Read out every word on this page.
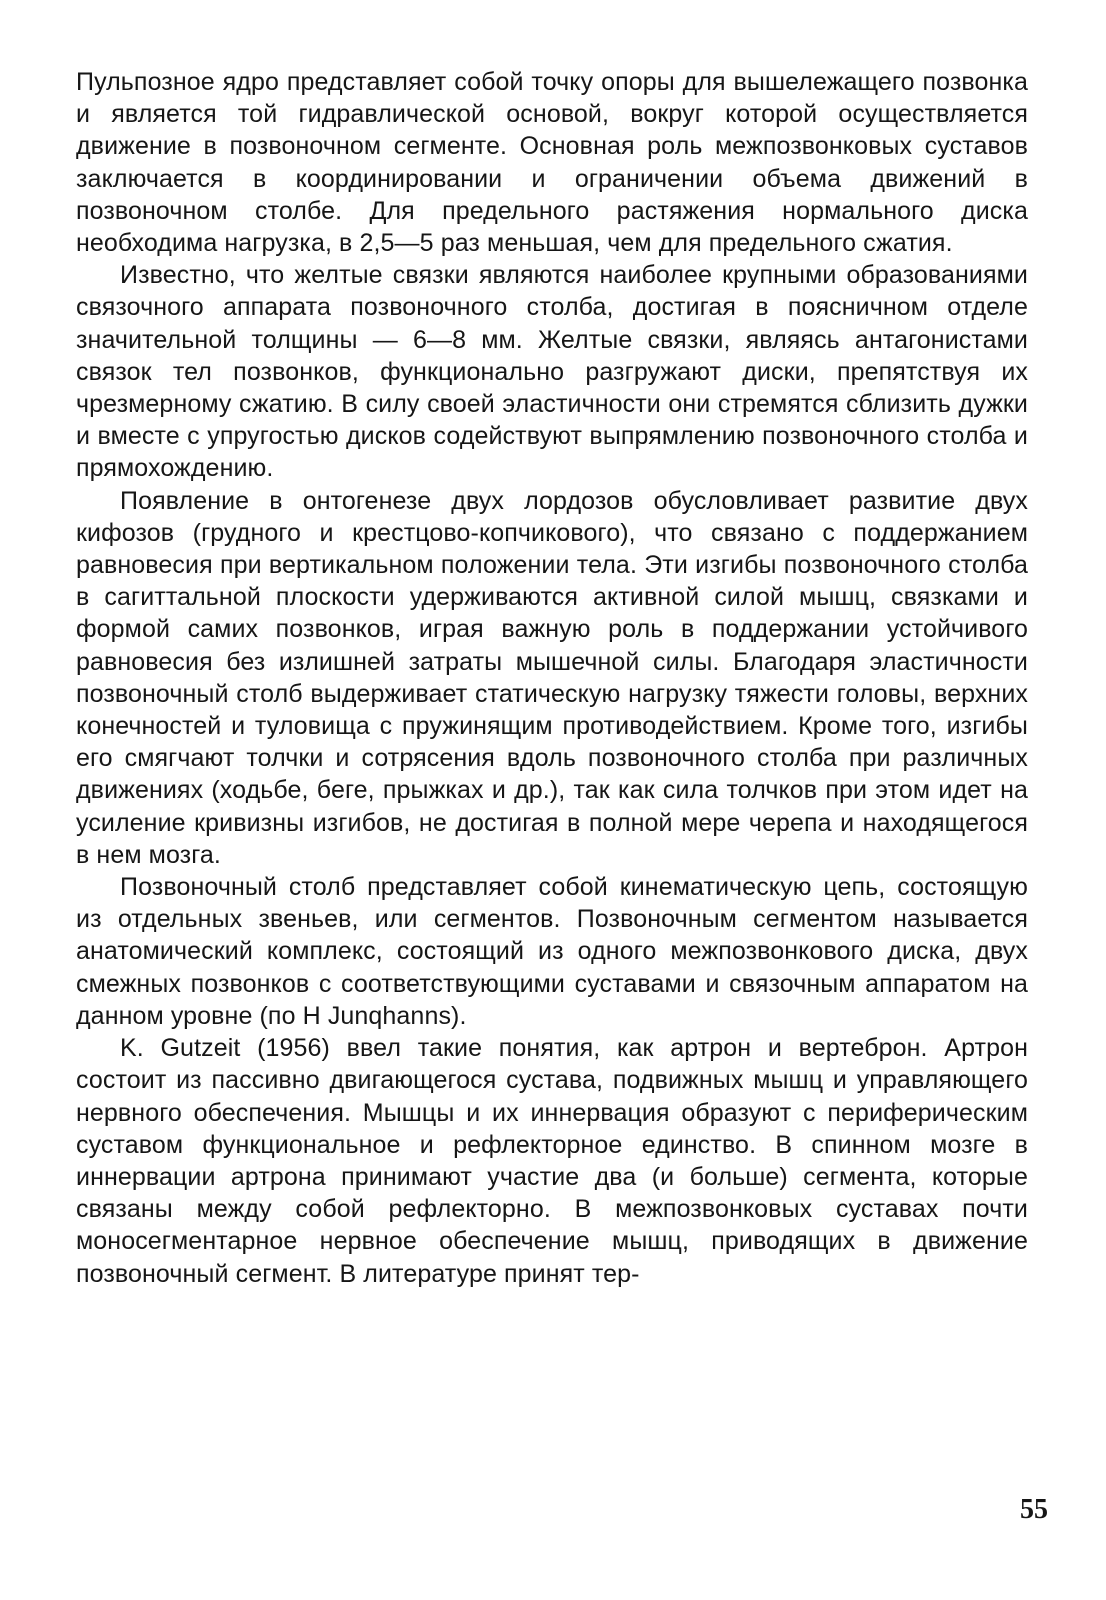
Пульпозное ядро представляет собой точку опоры для вышележащего позвонка и является той гидравлической основой, вокруг которой осуществляется движение в позвоночном сегменте. Основная роль межпозвонковых суставов заключается в координировании и ограничении объема движений в позвоночном столбе. Для предельного растяжения нормального диска необходима нагрузка, в 2,5—5 раз меньшая, чем для предельного сжатия.

Известно, что желтые связки являются наиболее крупными образованиями связочного аппарата позвоночного столба, достигая в поясничном отделе значительной толщины — 6—8 мм. Желтые связки, являясь антагонистами связок тел позвонков, функционально разгружают диски, препятствуя их чрезмерному сжатию. В силу своей эластичности они стремятся сблизить дужки и вместе с упругостью дисков содействуют выпрямлению позвоночного столба и прямохождению.

Появление в онтогенезе двух лордозов обусловливает развитие двух кифозов (грудного и крестцово-копчикового), что связано с поддержанием равновесия при вертикальном положении тела. Эти изгибы позвоночного столба в сагиттальной плоскости удерживаются активной силой мышц, связками и формой самих позвонков, играя важную роль в поддержании устойчивого равновесия без излишней затраты мышечной силы. Благодаря эластичности позвоночный столб выдерживает статическую нагрузку тяжести головы, верхних конечностей и туловища с пружинящим противодействием. Кроме того, изгибы его смягчают толчки и сотрясения вдоль позвоночного столба при различных движениях (ходьбе, беге, прыжках и др.), так как сила толчков при этом идет на усиление кривизны изгибов, не достигая в полной мере черепа и находящегося в нем мозга.

Позвоночный столб представляет собой кинематическую цепь, состоящую из отдельных звеньев, или сегментов. Позвоночным сегментом называется анатомический комплекс, состоящий из одного межпозвонкового диска, двух смежных позвонков с соответствующими суставами и связочным аппаратом на данном уровне (по H Junqhanns).

K. Gutzeit (1956) ввел такие понятия, как артрон и вертеброн. Артрон состоит из пассивно двигающегося сустава, подвижных мышц и управляющего нервного обеспечения. Мышцы и их иннервация образуют с периферическим суставом функциональное и рефлекторное единство. В спинном мозге в иннервации артрона принимают участие два (и больше) сегмента, которые связаны между собой рефлекторно. В межпозвонковых суставах почти моносегментарное нервное обеспечение мышц, приводящих в движение позвоночный сегмент. В литературе принят тер-

55
